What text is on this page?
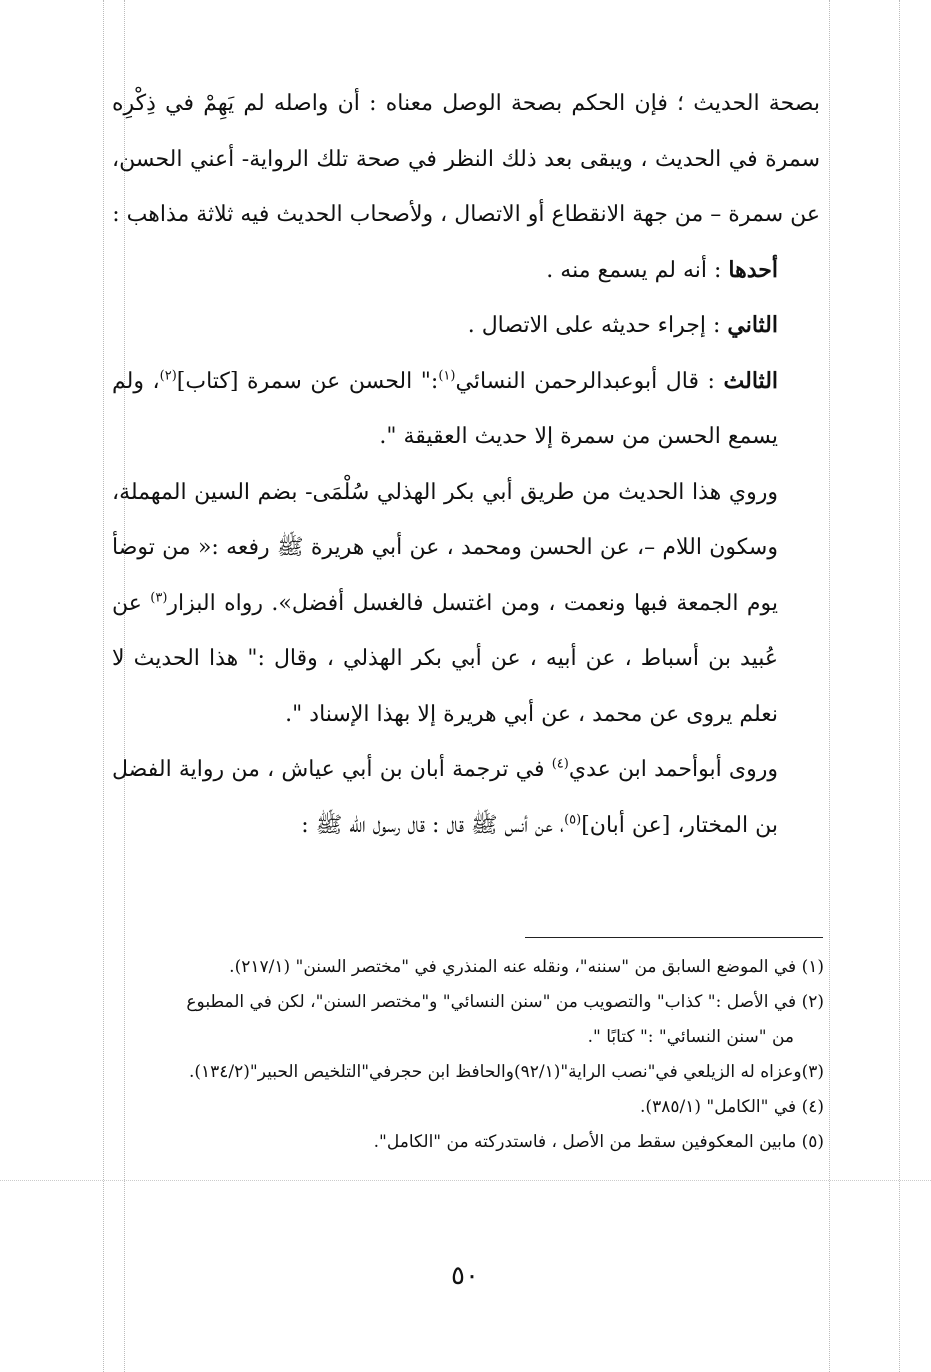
بصحة الحديث ؛ فإن الحكم بصحة الوصل معناه : أن واصله لم يَهِمْ في ذِكْرِه سمرة في الحديث ، ويبقى بعد ذلك النظر في صحة تلك الرواية- أعني الحسن، عن سمرة – من جهة الانقطاع أو الاتصال ، ولأصحاب الحديث فيه ثلاثة مذاهب :

أحدها : أنه لم يسمع منه .

الثاني : إجراء حديثه على الاتصال .

الثالث : قال أبوعبدالرحمن النسائي$^{(١)}$:" الحسن عن سمرة [كتاب]$^{(٢)}$، ولم يسمع الحسن من سمرة إلا حديث العقيقة ".

وروي هذا الحديث من طريق أبي بكر الهذلي سُلْمَى- بضم السين المهملة، وسكون اللام –، عن الحسن ومحمد ، عن أبي هريرة ﷺ رفعه :« من توضأ يوم الجمعة فبها ونعمت ، ومن اغتسل فالغسل أفضل». رواه البزار$^{(٣)}$ عن عُبيد بن أسباط ، عن أبيه ، عن أبي بكر الهذلي ، وقال :" هذا الحديث لا نعلم يروى عن محمد ، عن أبي هريرة إلا بهذا الإسناد ".

وروى أبوأحمد ابن عدي$^{(٤)}$ في ترجمة أبان بن أبي عياش ، من رواية الفضل بن المختار، [عن أبان]$^{(٥)}$، عن أنس ﷺ قال : قال رسول الله ﷺ :

(١) في الموضع السابق من "سننه"، ونقله عنه المنذري في "مختصر السنن" (٢١٧/١).

(٢) في الأصل :" كذاب" والتصويب من "سنن النسائي" و"مختصر السنن"، لكن في المطبوع

من "سنن النسائي" :" كتابًا ".

(٣)وعزاه له الزيلعي في"نصب الراية"(٩٢/١)والحافظ ابن حجرفي"التلخيص الحبير"(١٣٤/٢).

(٤) في "الكامل" (٣٨٥/١).

(٥) مابين المعكوفين سقط من الأصل ، فاستدركته من "الكامل".

٥٠
